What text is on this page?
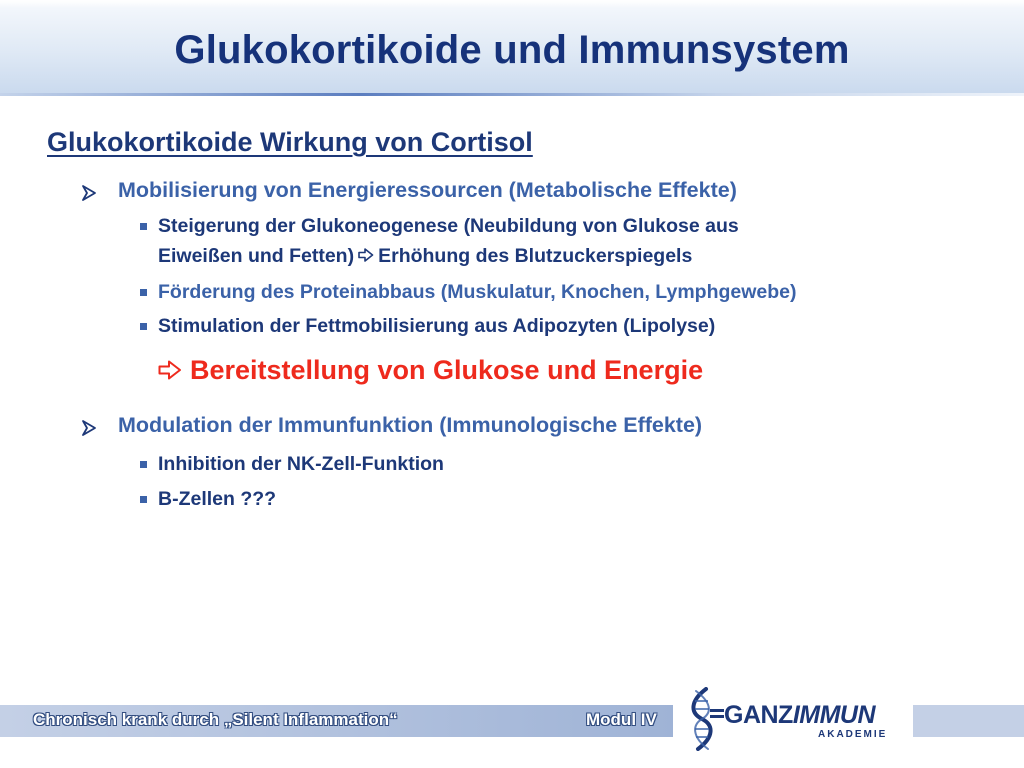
Glukokortikoide und Immunsystem
Glukokortikoide Wirkung von Cortisol
Mobilisierung von Energieressourcen (Metabolische Effekte)
Steigerung der Glukoneogenese (Neubildung von Glukose aus
Eiweißen und Fetten) Erhöhung des Blutzuckerspiegels
Förderung des Proteinabbaus (Muskulatur, Knochen, Lymphgewebe)
Stimulation der Fettmobilisierung aus Adipozyten (Lipolyse)
Bereitstellung von Glukose und Energie
Modulation der Immunfunktion (Immunologische Effekte)
Inhibition der NK-Zell-Funktion
B-Zellen ???
Chronisch krank durch „Silent Inflammation“	Modul IV	GANZIMMUN
AKADEMIE
